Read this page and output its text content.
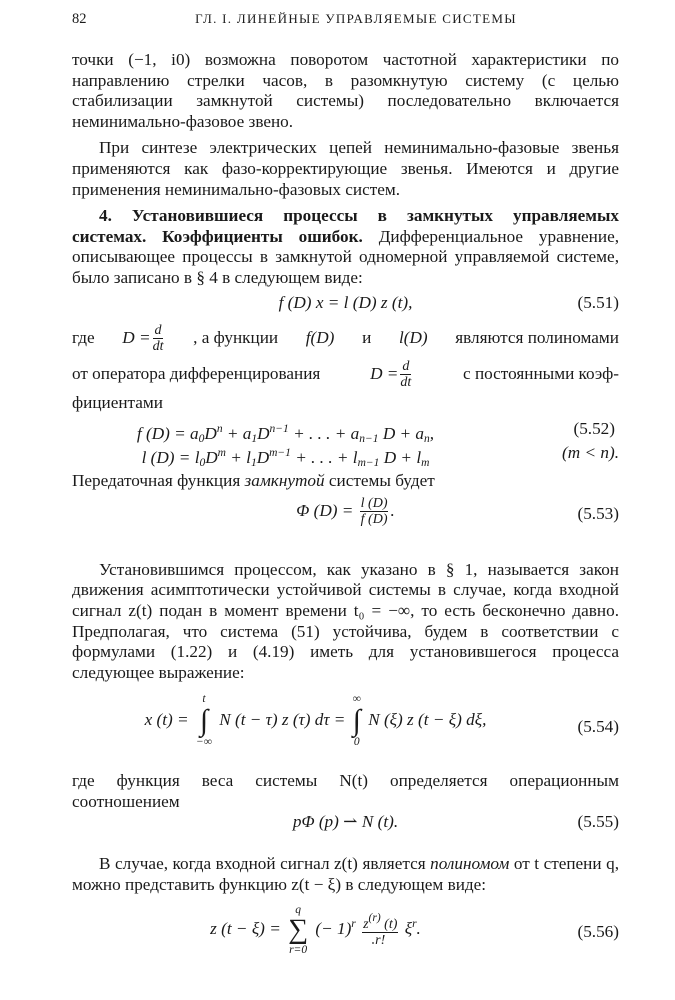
82	ГЛ. I. ЛИНЕЙНЫЕ УПРАВЛЯЕМЫЕ СИСТЕМЫ

точки (−1, i0) возможна поворотом частотной характеристики по направлению стрелки часов, в разомкнутую систему (с целью стабилизации замкнутой системы) последовательно включается неминимально-фазовое звено.

При синтезе электрических цепей неминимально-фазовые звенья применяются как фазо-корректирующие звенья. Имеются и другие применения неминимально-фазовых систем.

4. Установившиеся процессы в замкнутых управляемых системах. Коэффициенты ошибок. Дифференциальное уравнение, описывающее процессы в замкнутой одномерной управляемой системе, было записано в § 4 в следующем виде:

f (D) x = l (D) z (t),	(5.51)

где $D = \frac{d}{dt}$ , а функции f(D) и l(D) являются полиномами

от оператора дифференцирования	$D = \frac{d}{dt}$	с постоянными коэф-

фициентами

f $(D) = a_0D^n + a_1D^{n-1}$ + . . . + $a_{n-1}$ $D + a_n$,	(5.52)
l $(D) = l_0D^m + l_1D^{m-1}$ + . . . + $l_{m-1}$ $D + l_m$
(m < n).

Передаточная функция замкнутой системы будет

Φ $(D) = \frac{l (D)}{f (D)}$ .	(5.53)

Установившимся процессом, как указано в § 1, называется закон движения асимптотически устойчивой системы в случае, когда входной сигнал z(t) подан в момент времени t₀ = −∞, то есть бесконечно давно. Предполагая, что система (51) устойчива, будем в соответствии с формулами (1.22) и (4.19) иметь для установившегося процесса следующее выражение:

x (t) =
t
∫
−∞
N (t − τ) z (τ) dτ =
∞
∫
0
N (ξ) z (t − ξ) dξ,	(5.54)

где функция веса системы N(t) определяется операционным соотношением

pΦ (p) ⇀ N (t).	(5.55)

В случае, когда входной сигнал z(t) является полиномом от t степени q, можно представить функцию z(t − ξ) в следующем виде:

z (t − ξ) =
q
∑
r=0
(− $1)^r \frac{z^{(r)} (t)}{r!} \xi^r$.	(5.56)
